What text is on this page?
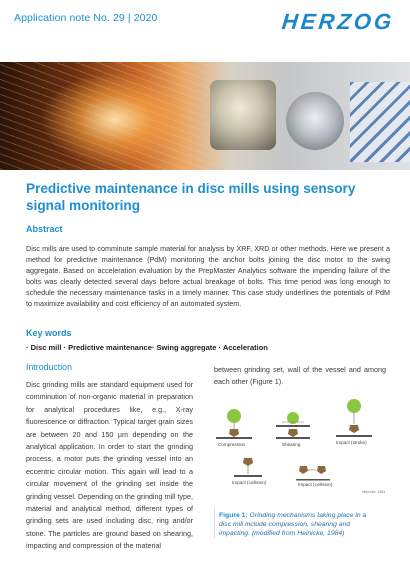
Application note No. 29 | 2020	HERZOG
Predictive maintenance in disc mills using sensory signal monitoring
Abstract

Disc mills are used to comminute sample material for analysis by XRF, XRD or other methods. Here we present a method for predictive maintenance (PdM) monitoring the anchor bolts joining the disc motor to the swing aggregate. Based on acceleration evaluation by the PrepMaster Analytics software the impending failure of the bolts was clearly detected several days before actual breakage of bolts. This time period was long enough to schedule the necessary maintenance tasks in a timely manner. This case study underlines the potentials of PdM to maximize availability and cost efficiency of an automated system.

Key words
· Disc mill · Predictive maintenance· Swing aggregate · Acceleration
Introduction

Disc grinding mills are standard equipment used for comminution of non-organic material in preparation for analytical procedures like, e.g., X-ray fluorescence or diffraction. Typical target grain sizes are between 20 and 150 µm depending on the analytical application. In order to start the grinding process, a motor puts the grinding vessel into an eccentric circular motion. This again will lead to a circular movement of the grinding set inside the grinding vessel. Depending on the grinding mill type, material and analytical method, different types of grinding sets are used including disc, ring and/or stone. The particles are ground based on shearing, impacting and compression of the material

between grinding set, wall of the vessel and among each other (Figure 1).

Compression	Shearing	Impact (stroke)
Impact (collision)	Impact (collision)
Heinicke, 1984
Figure 1: Grinding mechanisms taking place in a disc mill include compression, shearing and impacting. (modified from Heinicke, 1984)
